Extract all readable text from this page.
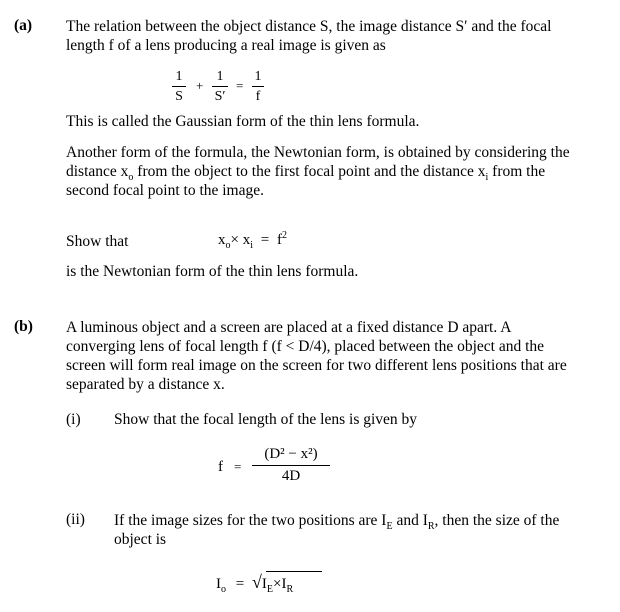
(a) The relation between the object distance S, the image distance S′ and the focal
length f of a lens producing a real image is given as
1
S
+
1
S′
=
1
f
This is called the Gaussian form of the thin lens formula.
Another form of the formula, the Newtonian form, is obtained by considering the
distance $x_o$ from the object to the first focal point and the distance $x_i$ from the
second focal point to the image.
Show that	$x_o\times x_i = f^2$
is the Newtonian form of the thin lens formula.
(b) A luminous object and a screen are placed at a fixed distance D apart. A
converging lens of focal length f (f < D/4), placed between the object and the
screen will form real image on the screen for two different lens positions that are
separated by a distance x.
(i) Show that the focal length of the lens is given by
f =
(D² − x²)
4D
(ii) If the image sizes for the two positions are $I_E$ and $I_R$, then the size of the
object is
$I_o = √I_E\times I_R$
